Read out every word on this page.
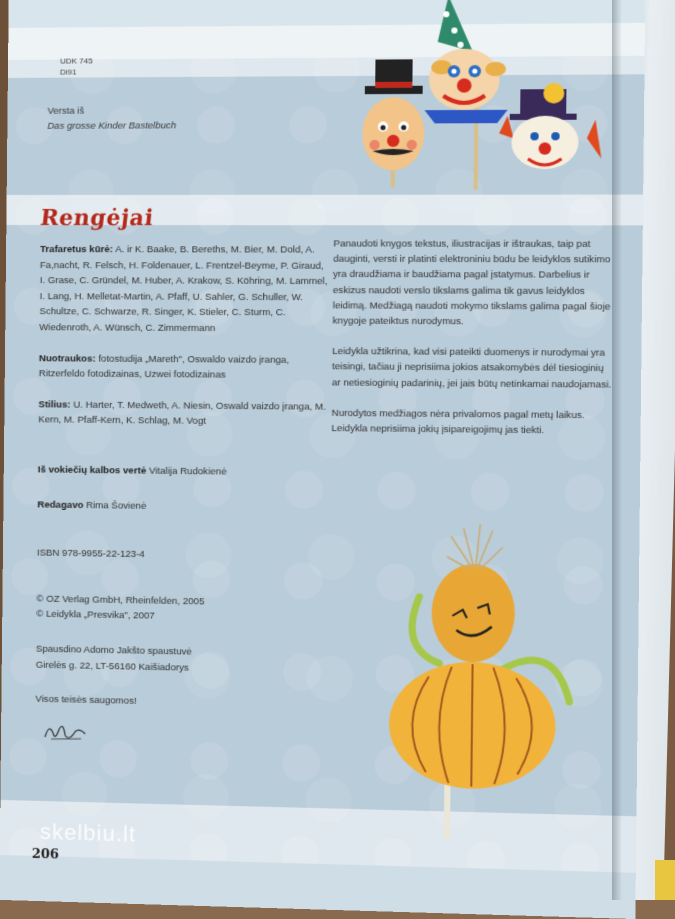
UDK 745
Di91
Versta iš
Das grosse Kinder Bastelbuch
Rengėjai

Trafaretus kūrė: A. ir K. Baake, B. Bereths, M. Bier, M. Dold, A. Fa,nacht, R. Felsch, H. Foldenauer, L. Frentzel-Beyme, P. Giraud, I. Grase, C. Gründel, M. Huber, A. Krakow, S. Köhring, M. Lammel, I. Lang, H. Melletat-Martin, A. Pfaff, U. Sahler, G. Schuller, W. Schultze, C. Schwarze, R. Singer, K. Stieler, C. Sturm, C. Wiedenroth, A. Wünsch, C. Zimmermann

Nuotraukos: fotostudija „Mareth", Oswaldo vaizdo įranga, Ritzerfeldo fotodizainas, Uzwei fotodizainas

Stilius: U. Harter, T. Medweth, A. Niesin, Oswald vaizdo įranga, M. Kern, M. Pfaff-Kern, K. Schlag, M. Vogt

Iš vokiečių kalbos vertė Vitalija Rudokienė

Redagavo Rima Šovienė

ISBN 978-9955-22-123-4

© OZ Verlag GmbH, Rheinfelden, 2005

© Leidykla „Presvika", 2007

Spausdino Adomo Jakšto spaustuvė

Girelės g. 22, LT-56160 Kaišiadorys

Visos teisės saugomos!

Panaudoti knygos tekstus, iliustracijas ir ištraukas, taip pat dauginti, versti ir platinti elektroniniu būdu be leidyklos sutikimo yra draudžiama ir baudžiama pagal įstatymus. Darbelius ir eskizus naudoti verslo tikslams galima tik gavus leidyklos leidimą. Medžiagą naudoti mokymo tikslams galima pagal šioje knygoje pateiktus nurodymus.

Leidykla užtikrina, kad visi pateikti duomenys ir nurodymai yra teisingi, tačiau ji neprisiima jokios atsakomybės dėl tiesioginių ar netiesioginių padarinių, jei jais būtų netinkamai naudojamasi.

Nurodytos medžiagos nėra privalomos pagal metų laikus. Leidykla neprisiima jokių įsipareigojimų jas tiekti.

skelbiu.lt
206
